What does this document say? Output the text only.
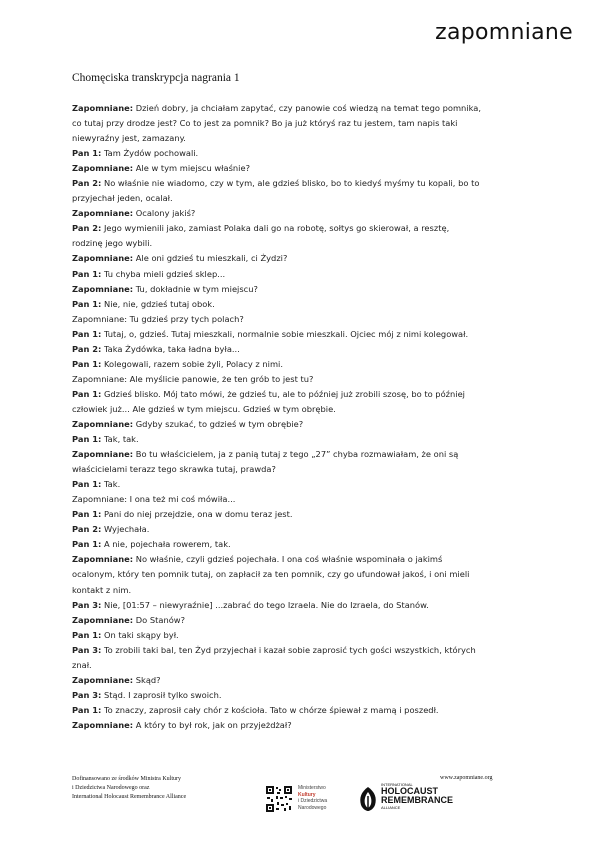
zapomniane
Chomęciska transkrypcja nagrania 1
Zapomniane: Dzień dobry, ja chciałam zapytać, czy panowie coś wiedzą na temat tego pomnika,
co tutaj przy drodze jest? Co to jest za pomnik? Bo ja już któryś raz tu jestem, tam napis taki
niewyraźny jest, zamazany.
Pan 1: Tam Żydów pochowali.
Zapomniane: Ale w tym miejscu właśnie?
Pan 2: No właśnie nie wiadomo, czy w tym, ale gdzieś blisko, bo to kiedyś myśmy tu kopali, bo to
przyjechał jeden, ocalał.
Zapomniane: Ocalony jakiś?
Pan 2: Jego wymienili jako, zamiast Polaka dali go na robotę, sołtys go skierował, a resztę,
rodzinę jego wybili.
Zapomniane: Ale oni gdzieś tu mieszkali, ci Żydzi?
Pan 1: Tu chyba mieli gdzieś sklep...
Zapomniane: Tu, dokładnie w tym miejscu?
Pan 1: Nie, nie, gdzieś tutaj obok.
Zapomniane: Tu gdzieś przy tych polach?
Pan 1: Tutaj, o, gdzieś. Tutaj mieszkali, normalnie sobie mieszkali. Ojciec mój z nimi kolegował.
Pan 2: Taka Żydówka, taka ładna była...
Pan 1: Kolegowali, razem sobie żyli, Polacy z nimi.
Zapomniane: Ale myślicie panowie, że ten grób to jest tu?
Pan 1: Gdzieś blisko. Mój tato mówi, że gdzieś tu, ale to później już zrobili szosę, bo to później
człowiek już... Ale gdzieś w tym miejscu. Gdzieś w tym obrębie.
Zapomniane: Gdyby szukać, to gdzieś w tym obrębie?
Pan 1: Tak, tak.
Zapomniane: Bo tu właścicielem, ja z panią tutaj z tego „27” chyba rozmawiałam, że oni są
właścicielami terazz tego skrawka tutaj, prawda?
Pan 1: Tak.
Zapomniane: I ona też mi coś mówiła...
Pan 1: Pani do niej przejdzie, ona w domu teraz jest.
Pan 2: Wyjechała.
Pan 1: A nie, pojechała rowerem, tak.
Zapomniane: No właśnie, czyli gdzieś pojechała. I ona coś właśnie wspominała o jakimś
ocalonym, który ten pomnik tutaj, on zapłacił za ten pomnik, czy go ufundował jakoś, i oni mieli
kontakt z nim.
Pan 3: Nie, [01:57 – niewyraźnie] ...zabrać do tego Izraela. Nie do Izraela, do Stanów.
Zapomniane: Do Stanów?
Pan 1: On taki skąpy był.
Pan 3: To zrobili taki bal, ten Żyd przyjechał i kazał sobie zaprosić tych gości wszystkich, których
znał.
Zapomniane: Skąd?
Pan 3: Stąd. I zaprosił tylko swoich.
Pan 1: To znaczy, zaprosił cały chór z kościoła. Tato w chórze śpiewał z mamą i poszedł.
Zapomniane: A który to był rok, jak on przyjeżdżał?
Dofinansowano ze środków Ministra Kultury
i Dziedzictwa Narodowego oraz
International Holocaust Remembrance Alliance
Ministerstwo
Kultury
i Dziedzictwa
Narodowego
INTERNATIONAL
HOLOCAUST
REMEMBRANCE
ALLIANCE
www.zapomniane.org
